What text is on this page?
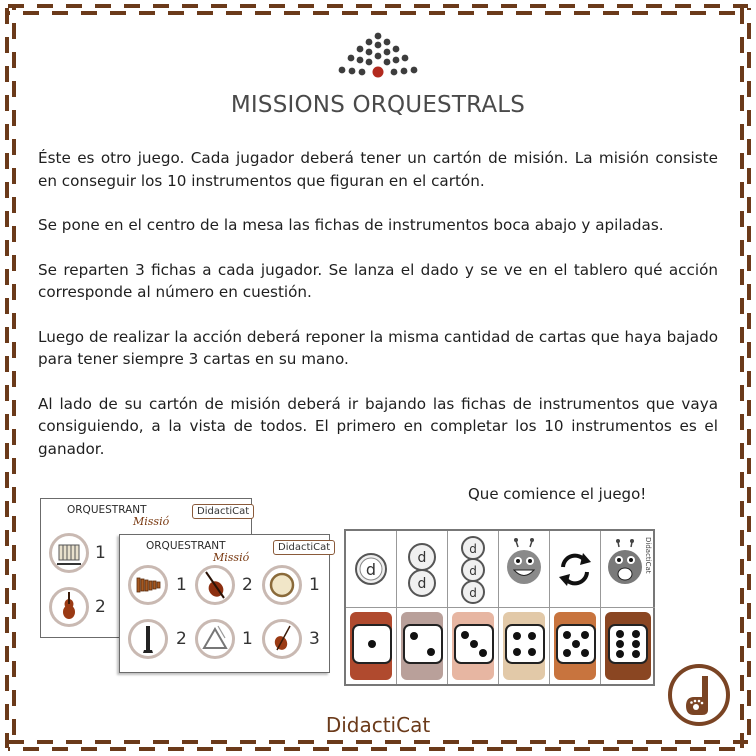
MISSIONS ORQUESTRALS

Éste es otro juego. Cada jugador deberá tener un cartón de misión. La misión consiste en conseguir los 10 instrumentos que figuran en el cartón.

Se pone en el centro de la mesa las fichas de instrumentos boca abajo y apiladas.

Se reparten 3 fichas a cada jugador. Se lanza el dado y se ve en el tablero qué acción corresponde al número en cuestión.

Luego de realizar la acción deberá reponer la misma cantidad de cartas que haya bajado para tener siempre 3 cartas en su mano.

Al lado de su cartón de misión deberá ir bajando las fichas de instrumentos que vaya consiguiendo, a la vista de todos. El primero en completar los 10 instrumentos es el ganador.

Que comience el juego!
ORQUESTRANT
Missió
DidactiCat
1
2
ORQUESTRANT
Missió
DidactiCat
1	2	1
2	1	3
d
d
d
d
d
d
DidactiCat
DidactiCat
